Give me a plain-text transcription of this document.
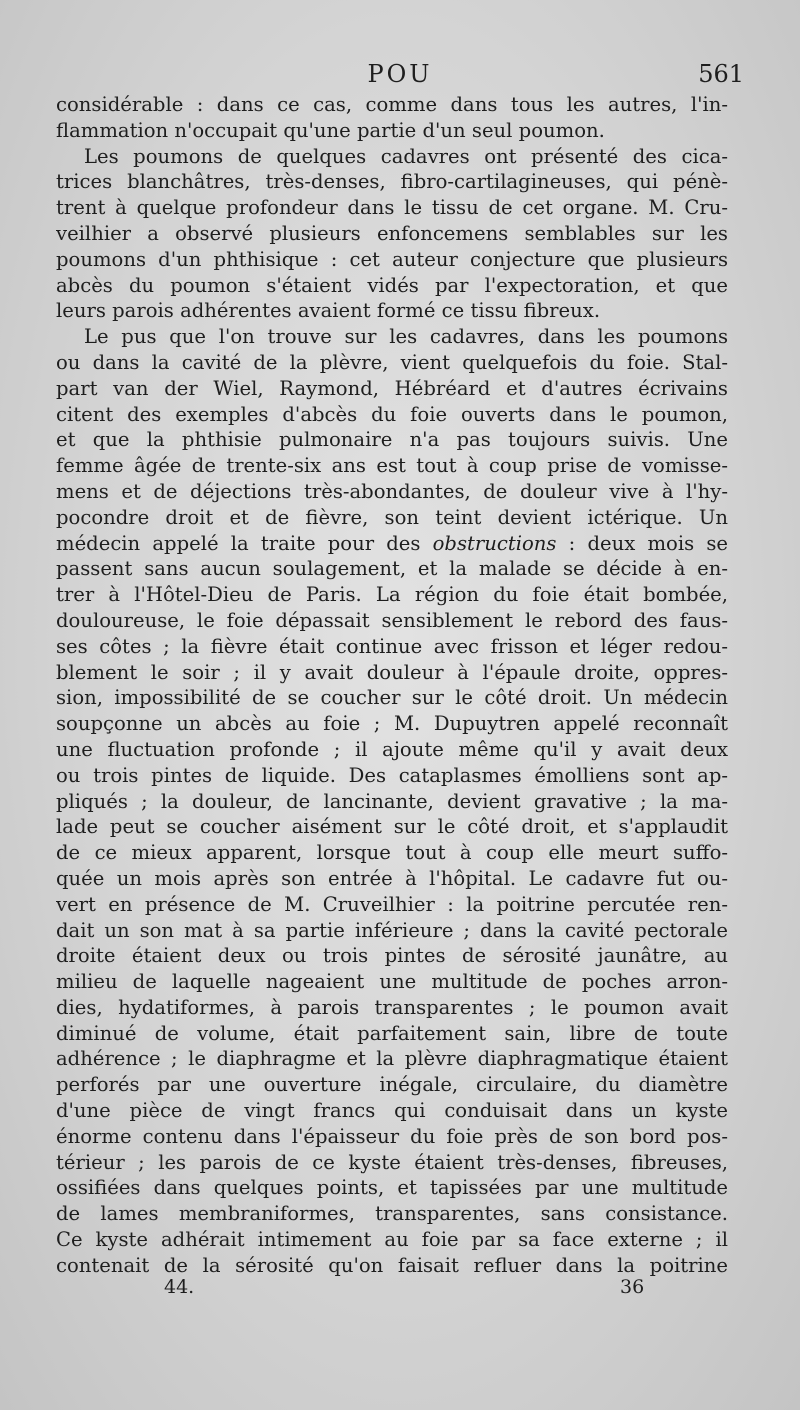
POU	561
considérable : dans ce cas, comme dans tous les autres, l'in-
flammation n'occupait qu'une partie d'un seul poumon.
Les poumons de quelques cadavres ont présenté des cica-
trices blanchâtres, très-denses, fibro-cartilagineuses, qui pénè-
trent à quelque profondeur dans le tissu de cet organe. M. Cru-
veilhier a observé plusieurs enfoncemens semblables sur les
poumons d'un phthisique : cet auteur conjecture que plusieurs
abcès du poumon s'étaient vidés par l'expectoration, et que
leurs parois adhérentes avaient formé ce tissu fibreux.
Le pus que l'on trouve sur les cadavres, dans les poumons
ou dans la cavité de la plèvre, vient quelquefois du foie. Stal-
part van der Wiel, Raymond, Hébréard et d'autres écrivains
citent des exemples d'abcès du foie ouverts dans le poumon,
et que la phthisie pulmonaire n'a pas toujours suivis. Une
femme âgée de trente-six ans est tout à coup prise de vomisse-
mens et de déjections très-abondantes, de douleur vive à l'hy-
pocondre droit et de fièvre, son teint devient ictérique. Un
médecin appelé la traite pour des obstructions : deux mois se
passent sans aucun soulagement, et la malade se décide à en-
trer à l'Hôtel-Dieu de Paris. La région du foie était bombée,
douloureuse, le foie dépassait sensiblement le rebord des faus-
ses côtes ; la fièvre était continue avec frisson et léger redou-
blement le soir ; il y avait douleur à l'épaule droite, oppres-
sion, impossibilité de se coucher sur le côté droit. Un médecin
soupçonne un abcès au foie ; M. Dupuytren appelé reconnaît
une fluctuation profonde ; il ajoute même qu'il y avait deux
ou trois pintes de liquide. Des cataplasmes émolliens sont ap-
pliqués ; la douleur, de lancinante, devient gravative ; la ma-
lade peut se coucher aisément sur le côté droit, et s'applaudit
de ce mieux apparent, lorsque tout à coup elle meurt suffo-
quée un mois après son entrée à l'hôpital. Le cadavre fut ou-
vert en présence de M. Cruveilhier : la poitrine percutée ren-
dait un son mat à sa partie inférieure ; dans la cavité pectorale
droite étaient deux ou trois pintes de sérosité jaunâtre, au
milieu de laquelle nageaient une multitude de poches arron-
dies, hydatiformes, à parois transparentes ; le poumon avait
diminué de volume, était parfaitement sain, libre de toute
adhérence ; le diaphragme et la plèvre diaphragmatique étaient
perforés par une ouverture inégale, circulaire, du diamètre
d'une pièce de vingt francs qui conduisait dans un kyste
énorme contenu dans l'épaisseur du foie près de son bord pos-
térieur ; les parois de ce kyste étaient très-denses, fibreuses,
ossifiées dans quelques points, et tapissées par une multitude
de lames membraniformes, transparentes, sans consistance.
Ce kyste adhérait intimement au foie par sa face externe ; il
contenait de la sérosité qu'on faisait refluer dans la poitrine
44.	36
